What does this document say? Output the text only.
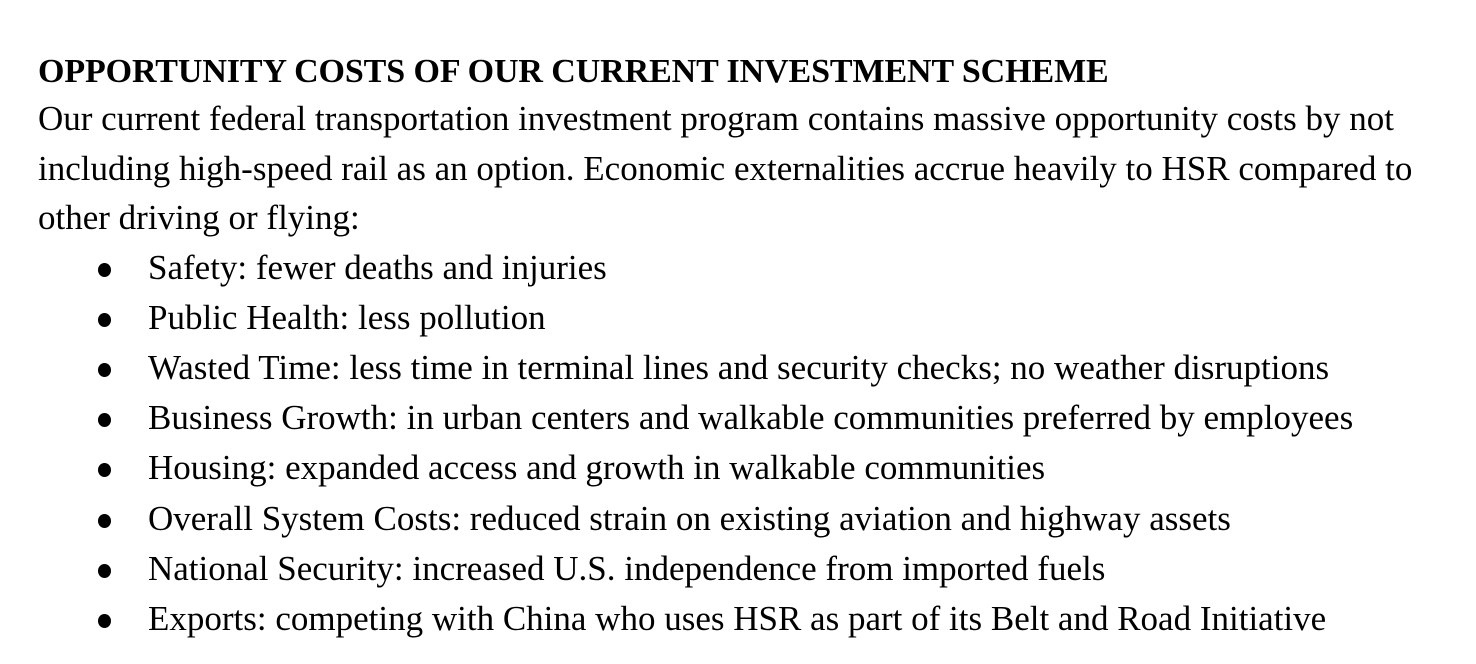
OPPORTUNITY COSTS OF OUR CURRENT INVESTMENT SCHEME

Our current federal transportation investment program contains massive opportunity costs by not including high-speed rail as an option. Economic externalities accrue heavily to HSR compared to other driving or flying:

Safety: fewer deaths and injuries
Public Health: less pollution
Wasted Time: less time in terminal lines and security checks; no weather disruptions
Business Growth: in urban centers and walkable communities preferred by employees
Housing: expanded access and growth in walkable communities
Overall System Costs: reduced strain on existing aviation and highway assets
National Security: increased U.S. independence from imported fuels
Exports: competing with China who uses HSR as part of its Belt and Road Initiative
